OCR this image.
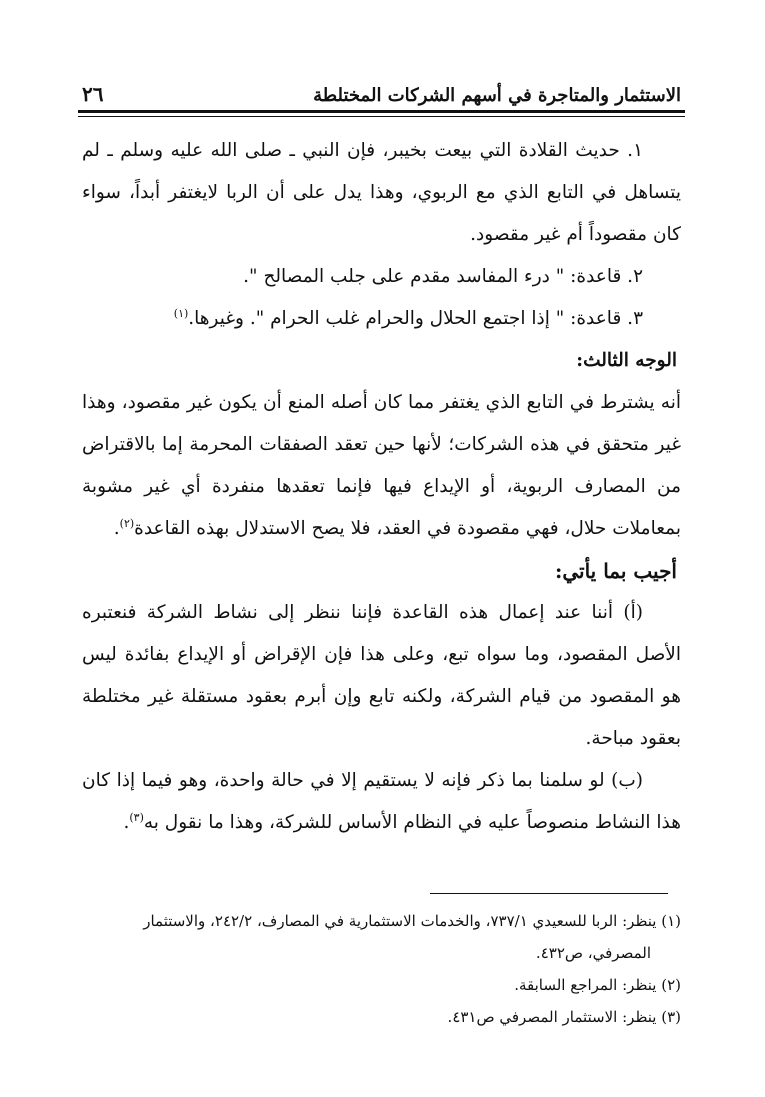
الاستثمار والمتاجرة في أسهم الشركات المختلطة
٢٦

١. حديث القلادة التي بيعت بخيبر، فإن النبي ـ صلى الله عليه وسلم ـ لم يتساهل في التابع الذي مع الربوي، وهذا يدل على أن الربا لايغتفر أبداً، سواء كان مقصوداً أم غير مقصود.

٢. قاعدة: " درء المفاسد مقدم على جلب المصالح ".

٣. قاعدة: " إذا اجتمع الحلال والحرام غلب الحرام ". وغيرها.$^{(١)}$

الوجه الثالث:

أنه يشترط في التابع الذي يغتفر مما كان أصله المنع أن يكون غير مقصود، وهذا غير متحقق في هذه الشركات؛ لأنها حين تعقد الصفقات المحرمة إما بالاقتراض من المصارف الربوية، أو الإيداع فيها فإنما تعقدها منفردة أي غير مشوبة بمعاملات حلال، فهي مقصودة في العقد، فلا يصح الاستدلال بهذه القاعدة$^{(٢)}$.

أجيب بما يأتي:

(أ) أننا عند إعمال هذه القاعدة فإننا ننظر إلى نشاط الشركة فنعتبره الأصل المقصود، وما سواه تبع، وعلى هذا فإن الإقراض أو الإيداع بفائدة ليس هو المقصود من قيام الشركة، ولكنه تابع وإن أبرم بعقود مستقلة غير مختلطة بعقود مباحة.

(ب) لو سلمنا بما ذكر فإنه لا يستقيم إلا في حالة واحدة، وهو فيما إذا كان هذا النشاط منصوصاً عليه في النظام الأساس للشركة، وهذا ما نقول به$^{(٣)}$.

(١) ينظر: الربا للسعيدي ٧٣٧/١، والخدمات الاستثمارية في المصارف، ٢٤٢/٢، والاستثمار

المصرفي، ص٤٣٢.

(٢) ينظر: المراجع السابقة.

(٣) ينظر: الاستثمار المصرفي ص٤٣١.
